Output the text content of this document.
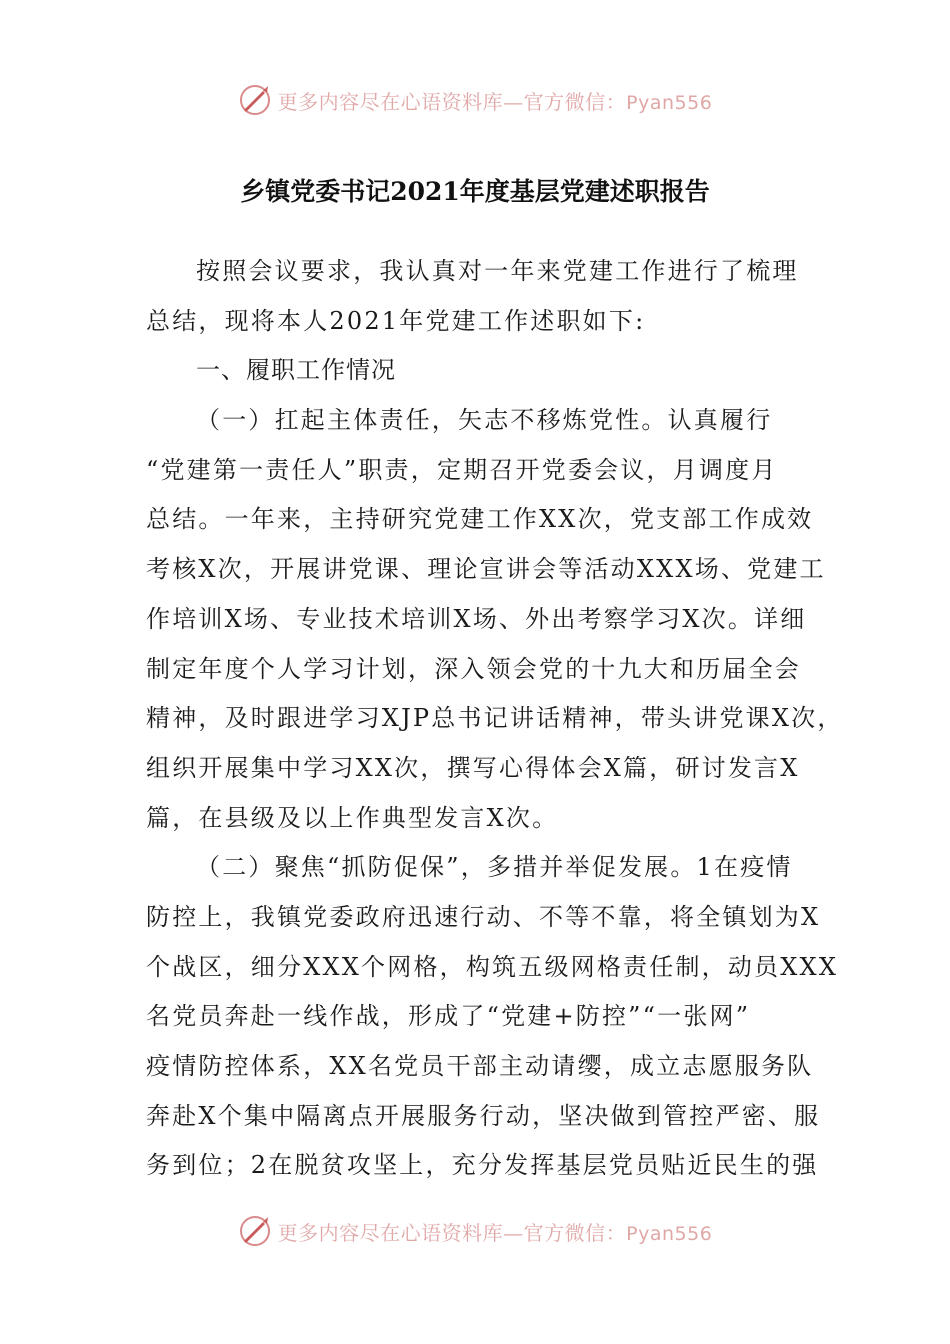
更多内容尽在心语资料库—官方微信：Pyan556
乡镇党委书记2021年度基层党建述职报告
按照会议要求，我认真对一年来党建工作进行了梳理
总结，现将本人2021年党建工作述职如下:
一、履职工作情况
（一）扛起主体责任，矢志不移炼党性。认真履行
“党建第一责任人”职责，定期召开党委会议，月调度月
总结。一年来，主持研究党建工作XX次，党支部工作成效
考核X次，开展讲党课、理论宣讲会等活动XXX场、党建工
作培训X场、专业技术培训X场、外出考察学习X次。详细
制定年度个人学习计划，深入领会党的十九大和历届全会
精神，及时跟进学习XJP总书记讲话精神，带头讲党课X次，
组织开展集中学习XX次，撰写心得体会X篇，研讨发言X
篇，在县级及以上作典型发言X次。
（二）聚焦“抓防促保”，多措并举促发展。1在疫情
防控上，我镇党委政府迅速行动、不等不靠，将全镇划为X
个战区，细分XXX个网格，构筑五级网格责任制，动员XXX
名党员奔赴一线作战，形成了“党建+防控”“一张网”
疫情防控体系，XX名党员干部主动请缨，成立志愿服务队
奔赴X个集中隔离点开展服务行动，坚决做到管控严密、服
务到位；2在脱贫攻坚上，充分发挥基层党员贴近民生的强
更多内容尽在心语资料库—官方微信：Pyan556
